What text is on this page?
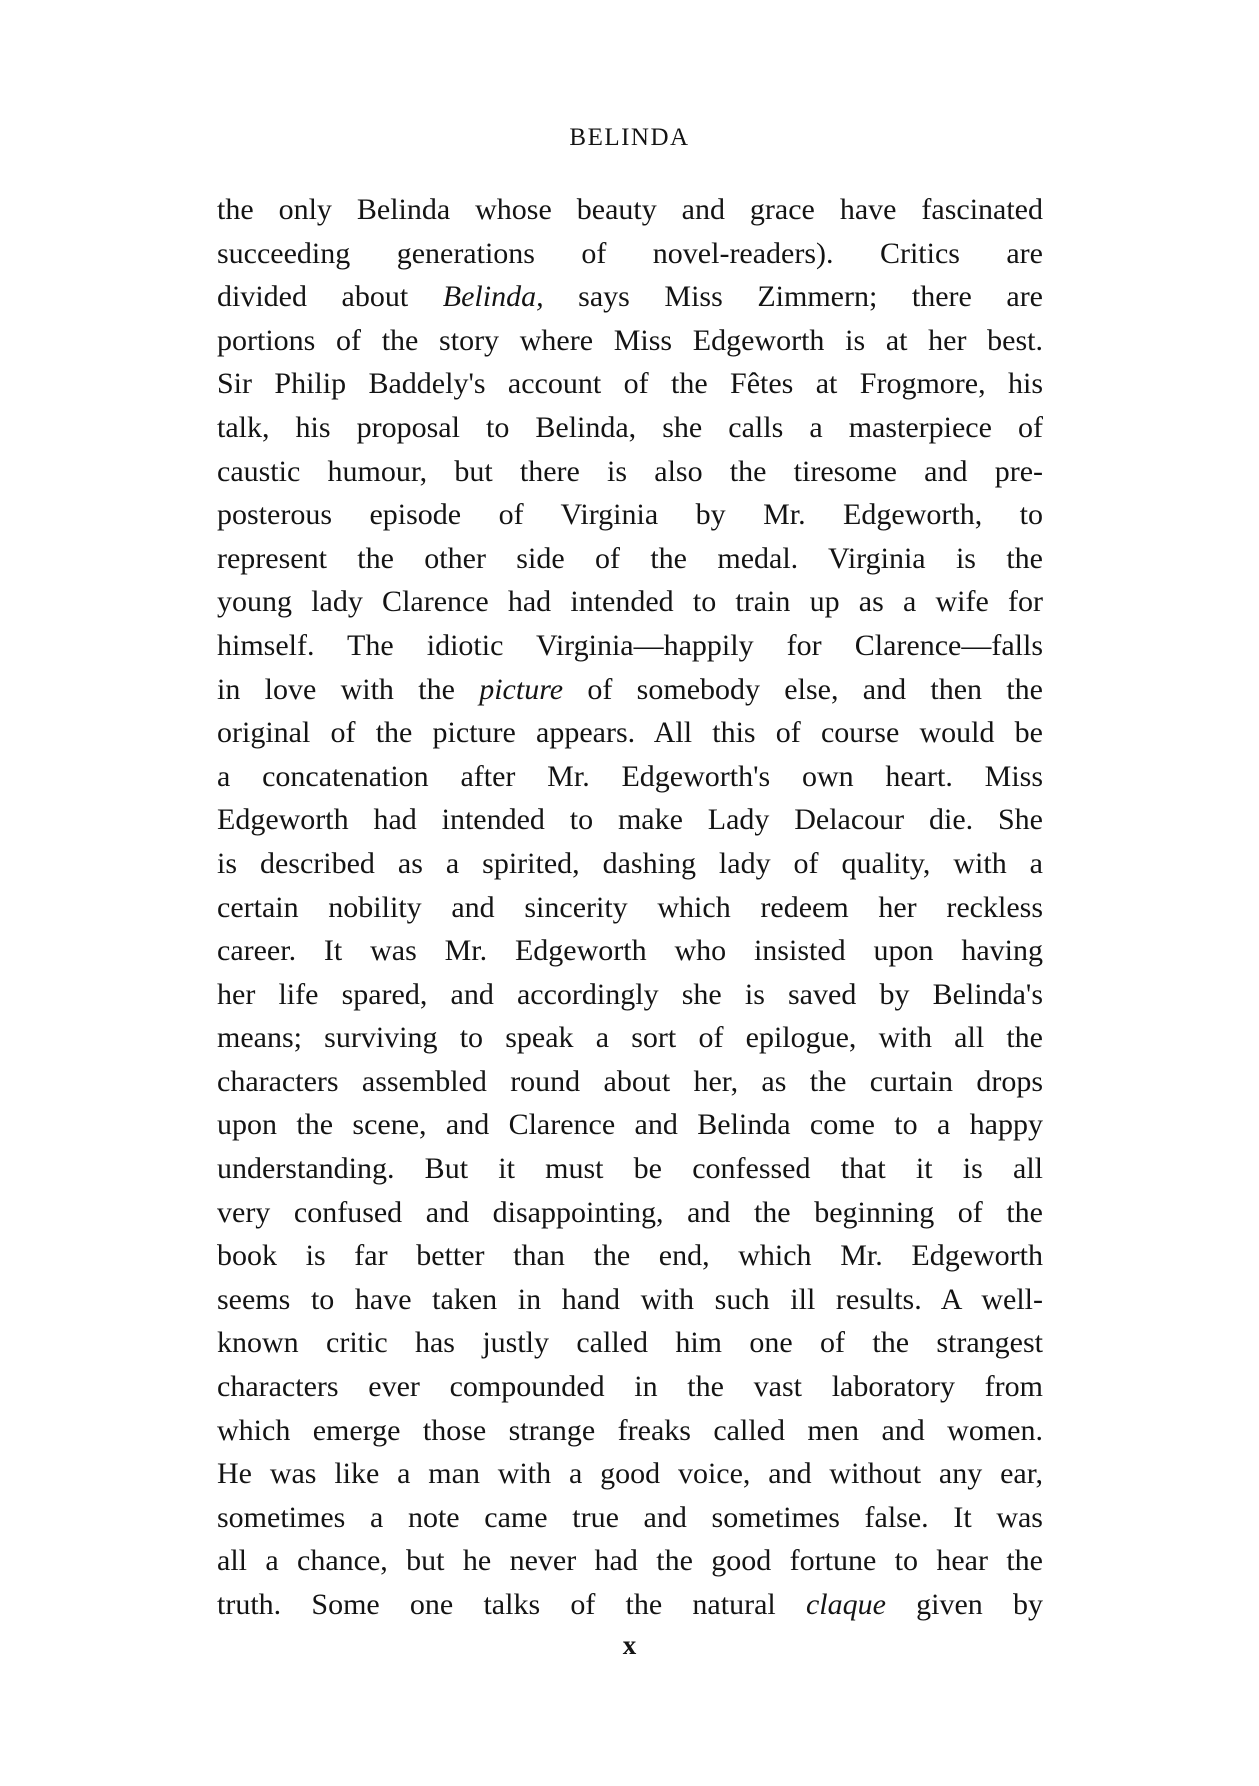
BELINDA
the only Belinda whose beauty and grace have fascinated
succeeding generations of novel-readers). Critics are
divided about Belinda, says Miss Zimmern; there are
portions of the story where Miss Edgeworth is at her best.
Sir Philip Baddely's account of the Fêtes at Frogmore, his
talk, his proposal to Belinda, she calls a masterpiece of
caustic humour, but there is also the tiresome and pre-
posterous episode of Virginia by Mr. Edgeworth, to
represent the other side of the medal. Virginia is the
young lady Clarence had intended to train up as a wife for
himself. The idiotic Virginia—happily for Clarence—falls
in love with the picture of somebody else, and then the
original of the picture appears. All this of course would be
a concatenation after Mr. Edgeworth's own heart. Miss
Edgeworth had intended to make Lady Delacour die. She
is described as a spirited, dashing lady of quality, with a
certain nobility and sincerity which redeem her reckless
career. It was Mr. Edgeworth who insisted upon having
her life spared, and accordingly she is saved by Belinda's
means; surviving to speak a sort of epilogue, with all the
characters assembled round about her, as the curtain drops
upon the scene, and Clarence and Belinda come to a happy
understanding. But it must be confessed that it is all
very confused and disappointing, and the beginning of the
book is far better than the end, which Mr. Edgeworth
seems to have taken in hand with such ill results. A well-
known critic has justly called him one of the strangest
characters ever compounded in the vast laboratory from
which emerge those strange freaks called men and women.
He was like a man with a good voice, and without any ear,
sometimes a note came true and sometimes false. It was
all a chance, but he never had the good fortune to hear the
truth. Some one talks of the natural claque given by
x
